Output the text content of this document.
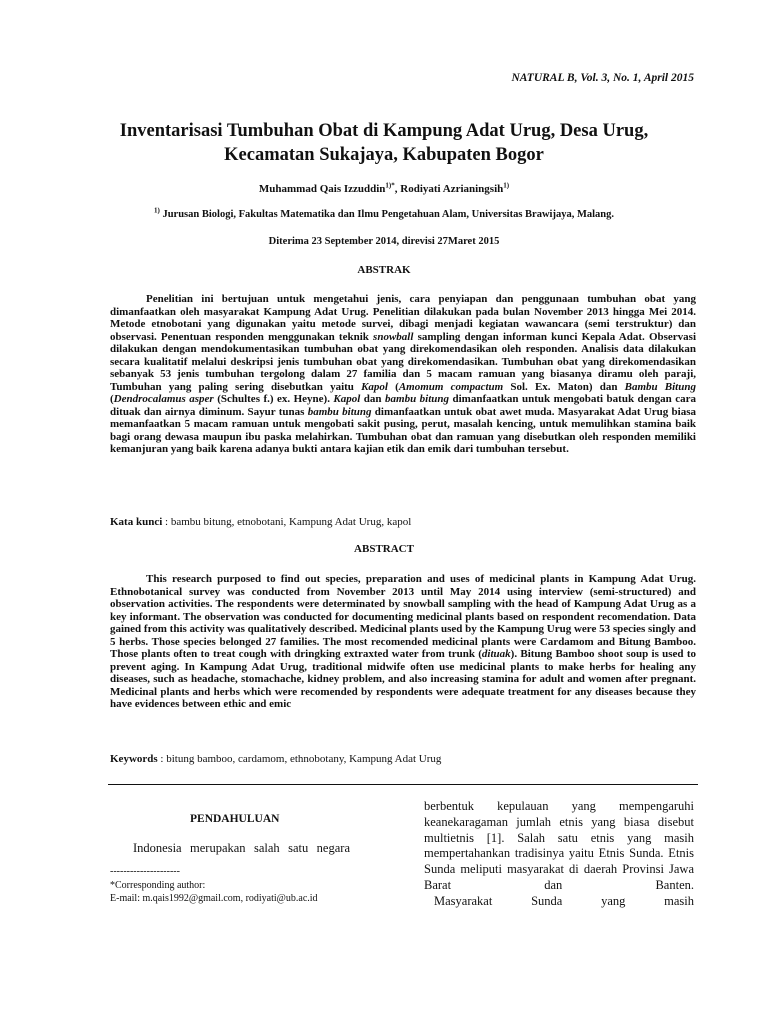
NATURAL B, Vol. 3, No. 1, April 2015
Inventarisasi Tumbuhan Obat di Kampung Adat Urug, Desa Urug, Kecamatan Sukajaya, Kabupaten Bogor
Muhammad Qais Izzuddin$^{1)*}$, Rodiyati Azrianingsih$^{1)}$
$^{1)}$ Jurusan Biologi, Fakultas Matematika dan Ilmu Pengetahuan Alam, Universitas Brawijaya, Malang.
Diterima 23 September 2014, direvisi 27Maret 2015
ABSTRAK
Penelitian ini bertujuan untuk mengetahui jenis, cara penyiapan dan penggunaan tumbuhan obat yang dimanfaatkan oleh masyarakat Kampung Adat Urug. Penelitian dilakukan pada bulan November 2013 hingga Mei 2014. Metode etnobotani yang digunakan yaitu metode survei, dibagi menjadi kegiatan wawancara (semi terstruktur) dan observasi. Penentuan responden menggunakan teknik snowball sampling dengan informan kunci Kepala Adat. Observasi dilakukan dengan mendokumentasikan tumbuhan obat yang direkomendasikan oleh responden. Analisis data dilakukan secara kualitatif melalui deskripsi jenis tumbuhan obat yang direkomendasikan. Tumbuhan obat yang direkomendasikan sebanyak 53 jenis tumbuhan tergolong dalam 27 familia dan 5 macam ramuan yang biasanya diramu oleh paraji, Tumbuhan yang paling sering disebutkan yaitu Kapol (Amomum compactum Sol. Ex. Maton) dan Bambu Bitung (Dendrocalamus asper (Schultes f.) ex. Heyne). Kapol dan bambu bitung dimanfaatkan untuk mengobati batuk dengan cara dituak dan airnya diminum. Sayur tunas bambu bitung dimanfaatkan untuk obat awet muda. Masyarakat Adat Urug biasa memanfaatkan 5 macam ramuan untuk mengobati sakit pusing, perut, masalah kencing, untuk memulihkan stamina baik bagi orang dewasa maupun ibu paska melahirkan. Tumbuhan obat dan ramuan yang disebutkan oleh responden memiliki kemanjuran yang baik karena adanya bukti antara kajian etik dan emik dari tumbuhan tersebut.
Kata kunci : bambu bitung, etnobotani, Kampung Adat Urug, kapol
ABSTRACT
This research purposed to find out species, preparation and uses of medicinal plants in Kampung Adat Urug. Ethnobotanical survey was conducted from November 2013 until May 2014 using interview (semi-structured) and observation activities. The respondents were determinated by snowball sampling with the head of Kampung Adat Urug as a key informant. The observation was conducted for documenting medicinal plants based on respondent recomendation. Data gained from this activity was qualitatively described. Medicinal plants used by the Kampung Urug were 53 species singly and 5 herbs. Those species belonged 27 families. The most recomended medicinal plants were Cardamom and Bitung Bamboo. Those plants often to treat cough with dringking extraxted water from trunk (dituak). Bitung Bamboo shoot soup is used to prevent aging. In Kampung Adat Urug, traditional midwife often use medicinal plants to make herbs for healing any diseases, such as headache, stomachache, kidney problem, and also increasing stamina for adult and women after pregnant. Medicinal plants and herbs which were recomended by respondents were adequate treatment for any diseases because they have evidences between ethic and emic
Keywords : bitung bamboo, cardamom, ethnobotany, Kampung Adat Urug
PENDAHULUAN
Indonesia merupakan salah satu negara
---------------------
*Corresponding author:
E-mail: m.qais1992@gmail.com, rodiyati@ub.ac.id
berbentuk kepulauan yang mempengaruhi keanekaragaman jumlah etnis yang biasa disebut multietnis [1]. Salah satu etnis yang masih mempertahankan tradisinya yaitu Etnis Sunda. Etnis Sunda meliputi masyarakat di daerah Provinsi Jawa Barat dan Banten.
Masyarakat Sunda yang masih
